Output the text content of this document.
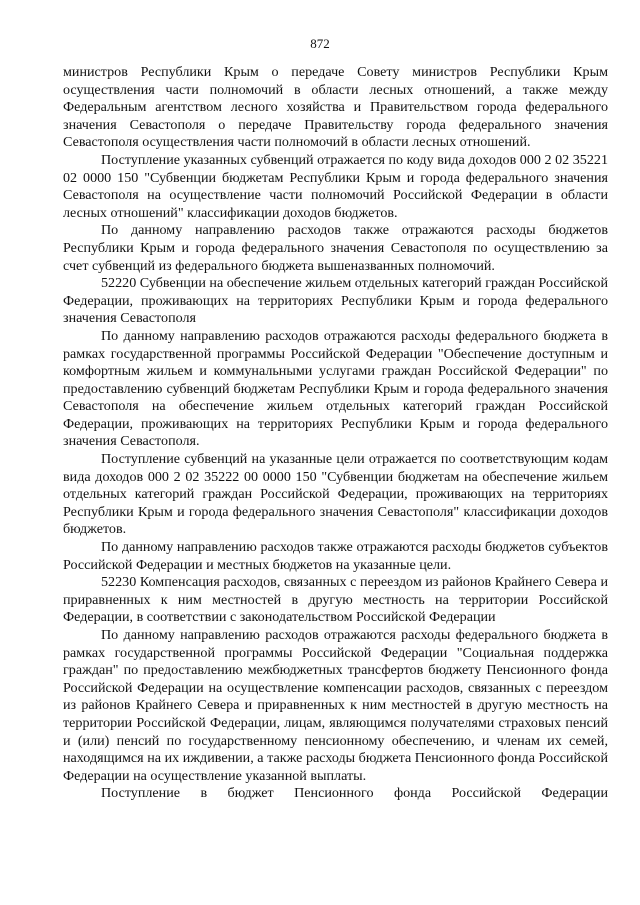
872

министров Республики Крым о передаче Совету министров Республики Крым осуществления части полномочий в области лесных отношений, а также между Федеральным агентством лесного хозяйства и Правительством города федерального значения Севастополя о передаче Правительству города федерального значения Севастополя осуществления части полномочий в области лесных отношений.

Поступление указанных субвенций отражается по коду вида доходов 000 2 02 35221 02 0000 150 "Субвенции бюджетам Республики Крым и города федерального значения Севастополя на осуществление части полномочий Российской Федерации в области лесных отношений" классификации доходов бюджетов.

По данному направлению расходов также отражаются расходы бюджетов Республики Крым и города федерального значения Севастополя по осуществлению за счет субвенций из федерального бюджета вышеназванных полномочий.

52220 Субвенции на обеспечение жильем отдельных категорий граждан Российской Федерации, проживающих на территориях Республики Крым и города федерального значения Севастополя

По данному направлению расходов отражаются расходы федерального бюджета в рамках государственной программы Российской Федерации "Обеспечение доступным и комфортным жильем и коммунальными услугами граждан Российской Федерации" по предоставлению субвенций бюджетам Республики Крым и города федерального значения Севастополя на обеспечение жильем отдельных категорий граждан Российской Федерации, проживающих на территориях Республики Крым и города федерального значения Севастополя.

Поступление субвенций на указанные цели отражается по соответствующим кодам вида доходов 000 2 02 35222 00 0000 150 "Субвенции бюджетам на обеспечение жильем отдельных категорий граждан Российской Федерации, проживающих на территориях Республики Крым и города федерального значения Севастополя" классификации доходов бюджетов.

По данному направлению расходов также отражаются расходы бюджетов субъектов Российской Федерации и местных бюджетов на указанные цели.

52230 Компенсация расходов, связанных с переездом из районов Крайнего Севера и приравненных к ним местностей в другую местность на территории Российской Федерации, в соответствии с законодательством Российской Федерации

По данному направлению расходов отражаются расходы федерального бюджета в рамках государственной программы Российской Федерации "Социальная поддержка граждан" по предоставлению межбюджетных трансфертов бюджету Пенсионного фонда Российской Федерации на осуществление компенсации расходов, связанных с переездом из районов Крайнего Севера и приравненных к ним местностей в другую местность на территории Российской Федерации, лицам, являющимся получателями страховых пенсий и (или) пенсий по государственному пенсионному обеспечению, и членам их семей, находящимся на их иждивении, а также расходы бюджета Пенсионного фонда Российской Федерации на осуществление указанной выплаты.

Поступление в бюджет Пенсионного фонда Российской Федерации
